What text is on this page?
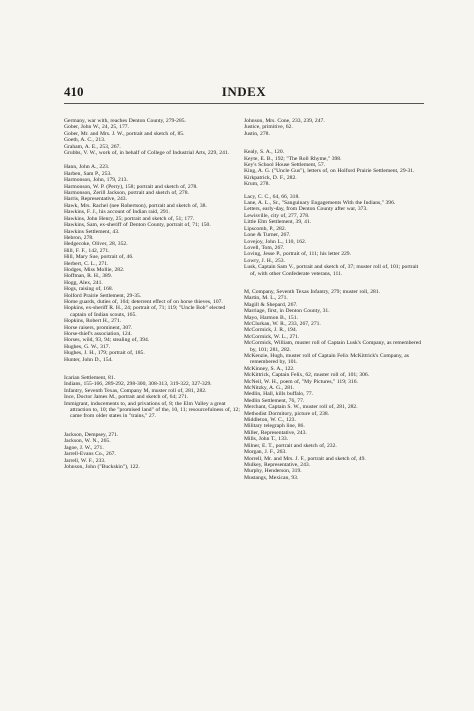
410	INDEX
Germany, war with, reaches Denton County, 279-285.
Gober, John W., 24, 25, 177.
Gober, Mr. and Mrs. J. W., portrait and sketch of, 85.
Goeth, A. C., 213.
Graham, A. E., 253, 267.
Grubbs, V. W., work of, in behalf of College of Industrial Arts, 229, 241.
Hann, John A., 223.
Harben, Sam P., 253.
Harmonson, John, 179, 213.
Harmonson, W. P. (Perry), 158; portrait and sketch of, 278.
Harmonson, Zerill Jackson, portrait and sketch of, 278.
Harris, Representative, 243.
Hawk, Mrs. Rachel (nee Robertson), portrait and sketch of, 38.
Hawkins, F. J., his account of Indian raid, 291.
Hawkins, John Henry, 25; portrait and sketch of, 51; 177.
Hawkins, Sam, ex-sheriff of Denton County, portrait of, 71; 150.
Hawkins Settlement, 43.
Hebron, 278.
Hedgecoke, Oliver, 28, 352.
Hill, F. F., 142, 271.
Hill, Mary Sue, portrait of, 46.
Herbert, C. L., 271.
Hodges, Miss Mollie, 282.
Hoffman, R. H., 389.
Hogg, Alex, 241.
Hogs, raising of, 168.
Holford Prairie Settlement, 29-35.
Home guards, duties of, 104; deterrent effect of on horse thieves, 107.
Hopkins, ex-sheriff R. H., 24; portrait of, 71; 119; "Uncle Bob" elected captain of Indian scouts, 165.
Hopkins, Robert H., 271.
Horse raisers, prominent, 307.
Horse-thief's association, 124.
Horses, wild, 93, 94; stealing of, 394.
Hughes, G. W., 317.
Hughes, J. H., 179; portrait of, 185.
Hunter, John D., 154.
Icarian Settlement, 81.
Indians, 155-166, 289-292, 298-300, 308-313, 319-322, 327-329.
Infantry, Seventh Texas, Company M, muster roll of, 281, 282.
Ince, Doctor James M., portrait and sketch of, 64; 271.
Immigrant, inducements to, and privations of, 8; the Elm Valley a great attraction to, 10; the "promised land" of the, 10, 11; resourcefulness of, 12; came from older states in "trains," 27.
Jackson, Dempsey, 271.
Jackson, W. N., 265.
Jagoe, J. W., 271.
Jarrell-Evans Co., 267.
Jarrell, W. F., 233.
Johnson, John ("Buckskin"), 122.
Johnson, Mrs. Cone, 233, 239, 247.
Justice, primitive, 62.
Justin, 278.
Kealy, S. A., 120.
Keyte, E. B., 192; "The Roll Rhyme," 398.
Key's School House Settlement, 57.
King, A. G. ("Uncle Gus"), letters of, on Holford Prairie Settlement, 29-31.
Kirkpatrick, D. F., 282.
Krum, 278.
Lacy, C. C., 64, 66, 318.
Lane, A. L., Sr., "Sanguinary Engagements With the Indians," 396.
Letters, early-day, from Denton County after war, 373.
Lewisville, city of, 277, 278.
Little Elm Settlement, 39, 41.
Lipscomb, P., 282.
Lone & Turner, 267.
Lovejoy, John L., 110, 162.
Lovell, Tom, 267.
Loving, Jesse P., portrait of, 111; his letter 229.
Lowry, J. H., 253.
Lusk, Captain Sam V., portrait and sketch of, 37; muster roll of, 101; portrait of, with other Confederate veterans, 111.
M, Company, Seventh Texas Infantry, 279; muster roll, 281.
Martin, M. L., 271.
Magill & Shepard, 267.
Marriage, first, in Denton County, 31.
Mayo, Harmon B., 151.
McClurkan, W. R., 233, 267, 271.
McCormick, J. R., 194.
McCormick, W. L., 271.
McCormick, William, muster roll of Captain Lusk's Company, as remembered by, 101; 281, 282.
McKenzie, Hugh, muster roll of Captain Felix McKittrick's Company, as remembered by, 101.
McKinney, S. A., 122.
McKittrick, Captain Felix, 62, muster roll of, 101; 306.
McNeil, W. H., poem of, "My Pictures," 119; 316.
McNitzky, A. G., 281.
Medlin, Hall, kills buffalo, 77.
Medlin Settlement, 76, 77.
Merchant, Captain S. W., muster roll of, 281, 282.
Methodist Dormitory, picture of, 238.
Middleton, W. C., 123.
Military telegraph line, 86.
Miller, Representative, 243.
Mills, John T., 133.
Milner, E. T., portrait and sketch of, 232.
Morgan, J. F., 263.
Morrell, Mr. and Mrs. J. F., portrait and sketch of, 49.
Mulkey, Representative, 243.
Murphy, Henderson, 319.
Mustangs, Mexican, 93.
